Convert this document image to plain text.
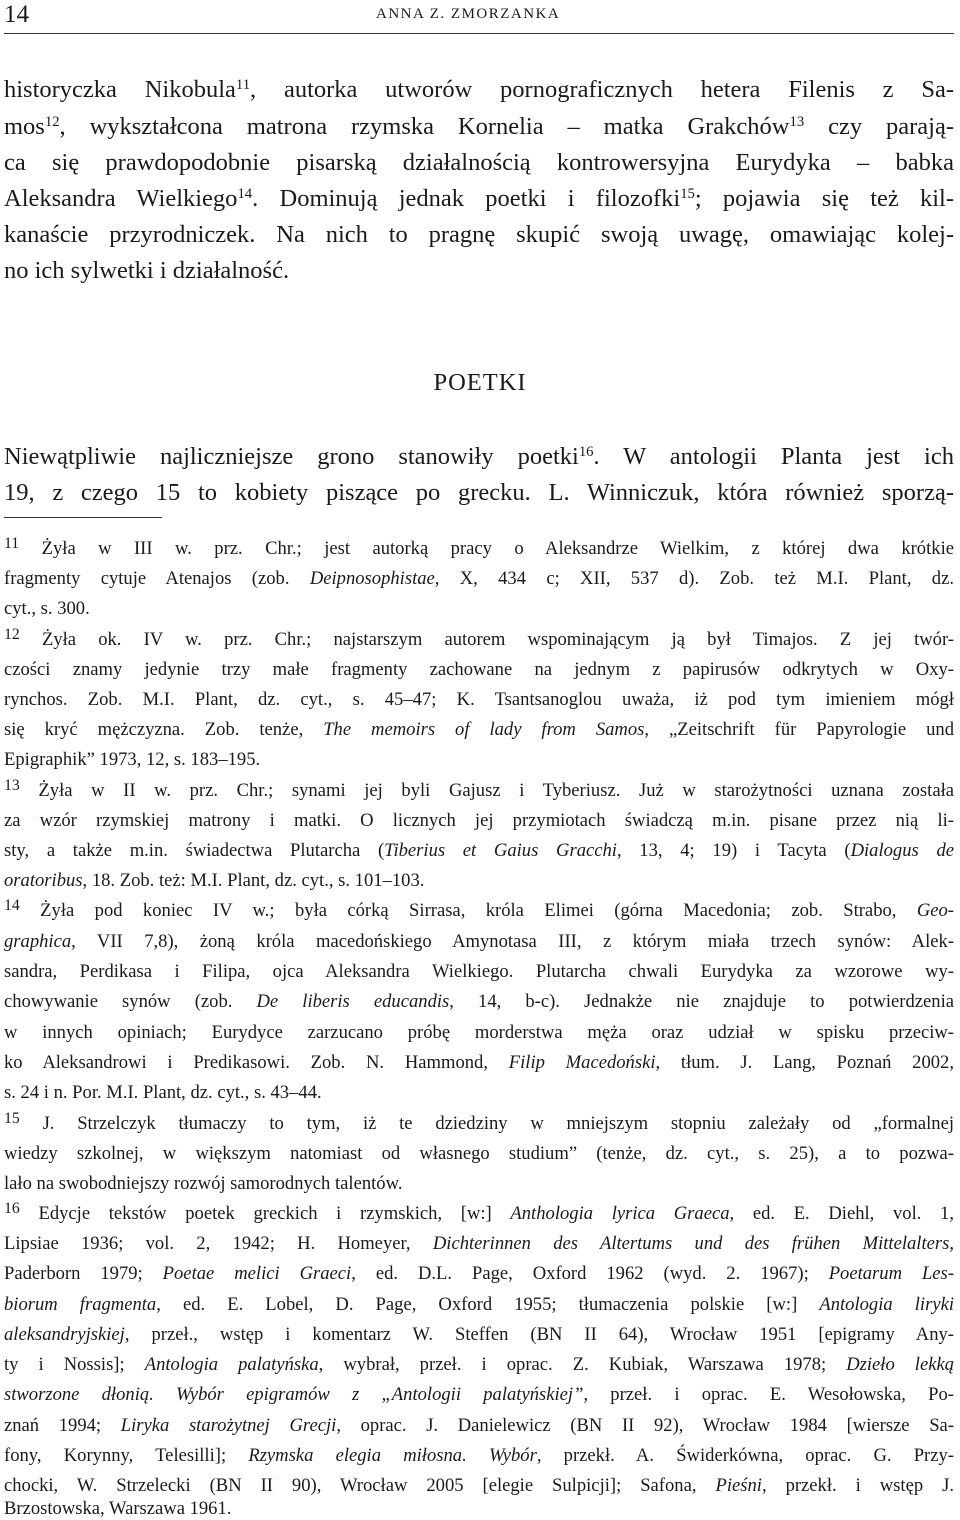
14	ANNA Z. ZMORZANKA
historyczka Nikobula$^{11}$, autorka utworów pornograficznych hetera Filenis z Sa-
mos$^{12}$, wykształcona matrona rzymska Kornelia – matka Grakchów$^{13}$ czy parają-
ca się prawdopodobnie pisarską działalnością kontrowersyjna Eurydyka – babka
Aleksandra Wielkiego$^{14}$. Dominują jednak poetki i filozofki$^{15}$; pojawia się też kil-
kanaście przyrodniczek. Na nich to pragnę skupić swoją uwagę, omawiając kolej-
no ich sylwetki i działalność.
POETKI
Niewątpliwie najliczniejsze grono stanowiły poetki$^{16}$. W antologii Planta jest ich
19, z czego 15 to kobiety piszące po grecku. L. Winniczuk, która również sporzą-
$^{11}$ Żyła w III w. prz. Chr.; jest autorką pracy o Aleksandrze Wielkim, z której dwa krótkie
fragmenty cytuje Atenajos (zob. Deipnosophistae, X, 434 c; XII, 537 d). Zob. też M.I. Plant, dz.
cyt., s. 300.
$^{12}$ Żyła ok. IV w. prz. Chr.; najstarszym autorem wspominającym ją był Timajos. Z jej twór-
czości znamy jedynie trzy małe fragmenty zachowane na jednym z papirusów odkrytych w Oxy-
rynchos. Zob. M.I. Plant, dz. cyt., s. 45–47; K. Tsantsanoglou uważa, iż pod tym imieniem mógł
się kryć mężczyzna. Zob. tenże, The memoirs of lady from Samos, „Zeitschrift für Papyrologie und
Epigraphik” 1973, 12, s. 183–195.
$^{13}$ Żyła w II w. prz. Chr.; synami jej byli Gajusz i Tyberiusz. Już w starożytności uznana została
za wzór rzymskiej matrony i matki. O licznych jej przymiotach świadczą m.in. pisane przez nią li-
sty, a także m.in. świadectwa Plutarcha (Tiberius et Gaius Gracchi, 13, 4; 19) i Tacyta (Dialogus de
oratoribus, 18. Zob. też: M.I. Plant, dz. cyt., s. 101–103.
$^{14}$ Żyła pod koniec IV w.; była córką Sirrasa, króla Elimei (górna Macedonia; zob. Strabo, Geo-
graphica, VII 7,8), żoną króla macedońskiego Amynotasa III, z którym miała trzech synów: Alek-
sandra, Perdikasa i Filipa, ojca Aleksandra Wielkiego. Plutarcha chwali Eurydyka za wzorowe wy-
chowywanie synów (zob. De liberis educandis, 14, b-c). Jednakże nie znajduje to potwierdzenia
w innych opiniach; Eurydyce zarzucano próbę morderstwa męża oraz udział w spisku przeciw-
ko Aleksandrowi i Predikasowi. Zob. N. Hammond, Filip Macedoński, tłum. J. Lang, Poznań 2002,
s. 24 i n. Por. M.I. Plant, dz. cyt., s. 43–44.
$^{15}$ J. Strzelczyk tłumaczy to tym, iż te dziedziny w mniejszym stopniu zależały od „formalnej
wiedzy szkolnej, w większym natomiast od własnego studium” (tenże, dz. cyt., s. 25), a to pozwa-
lało na swobodniejszy rozwój samorodnych talentów.
$^{16}$ Edycje tekstów poetek greckich i rzymskich, [w:] Anthologia lyrica Graeca, ed. E. Diehl, vol. 1,
Lipsiae 1936; vol. 2, 1942; H. Homeyer, Dichterinnen des Altertums und des frühen Mittelalters,
Paderborn 1979; Poetae melici Graeci, ed. D.L. Page, Oxford 1962 (wyd. 2. 1967); Poetarum Les-
biorum fragmenta, ed. E. Lobel, D. Page, Oxford 1955; tłumaczenia polskie [w:] Antologia liryki
aleksandryjskiej, przeł., wstęp i komentarz W. Steffen (BN II 64), Wrocław 1951 [epigramy Any-
ty i Nossis]; Antologia palatyńska, wybrał, przeł. i oprac. Z. Kubiak, Warszawa 1978; Dzieło lekką
stworzone dłonią. Wybór epigramów z „Antologii palatyńskiej”, przeł. i oprac. E. Wesołowska, Po-
znań 1994; Liryka starożytnej Grecji, oprac. J. Danielewicz (BN II 92), Wrocław 1984 [wiersze Sa-
fony, Korynny, Telesilli]; Rzymska elegia miłosna. Wybór, przekł. A. Świderkówna, oprac. G. Przy-
chocki, W. Strzelecki (BN II 90), Wrocław 2005 [elegie Sulpicji]; Safona, Pieśni, przekł. i wstęp J.
Brzostowska, Warszawa 1961.
